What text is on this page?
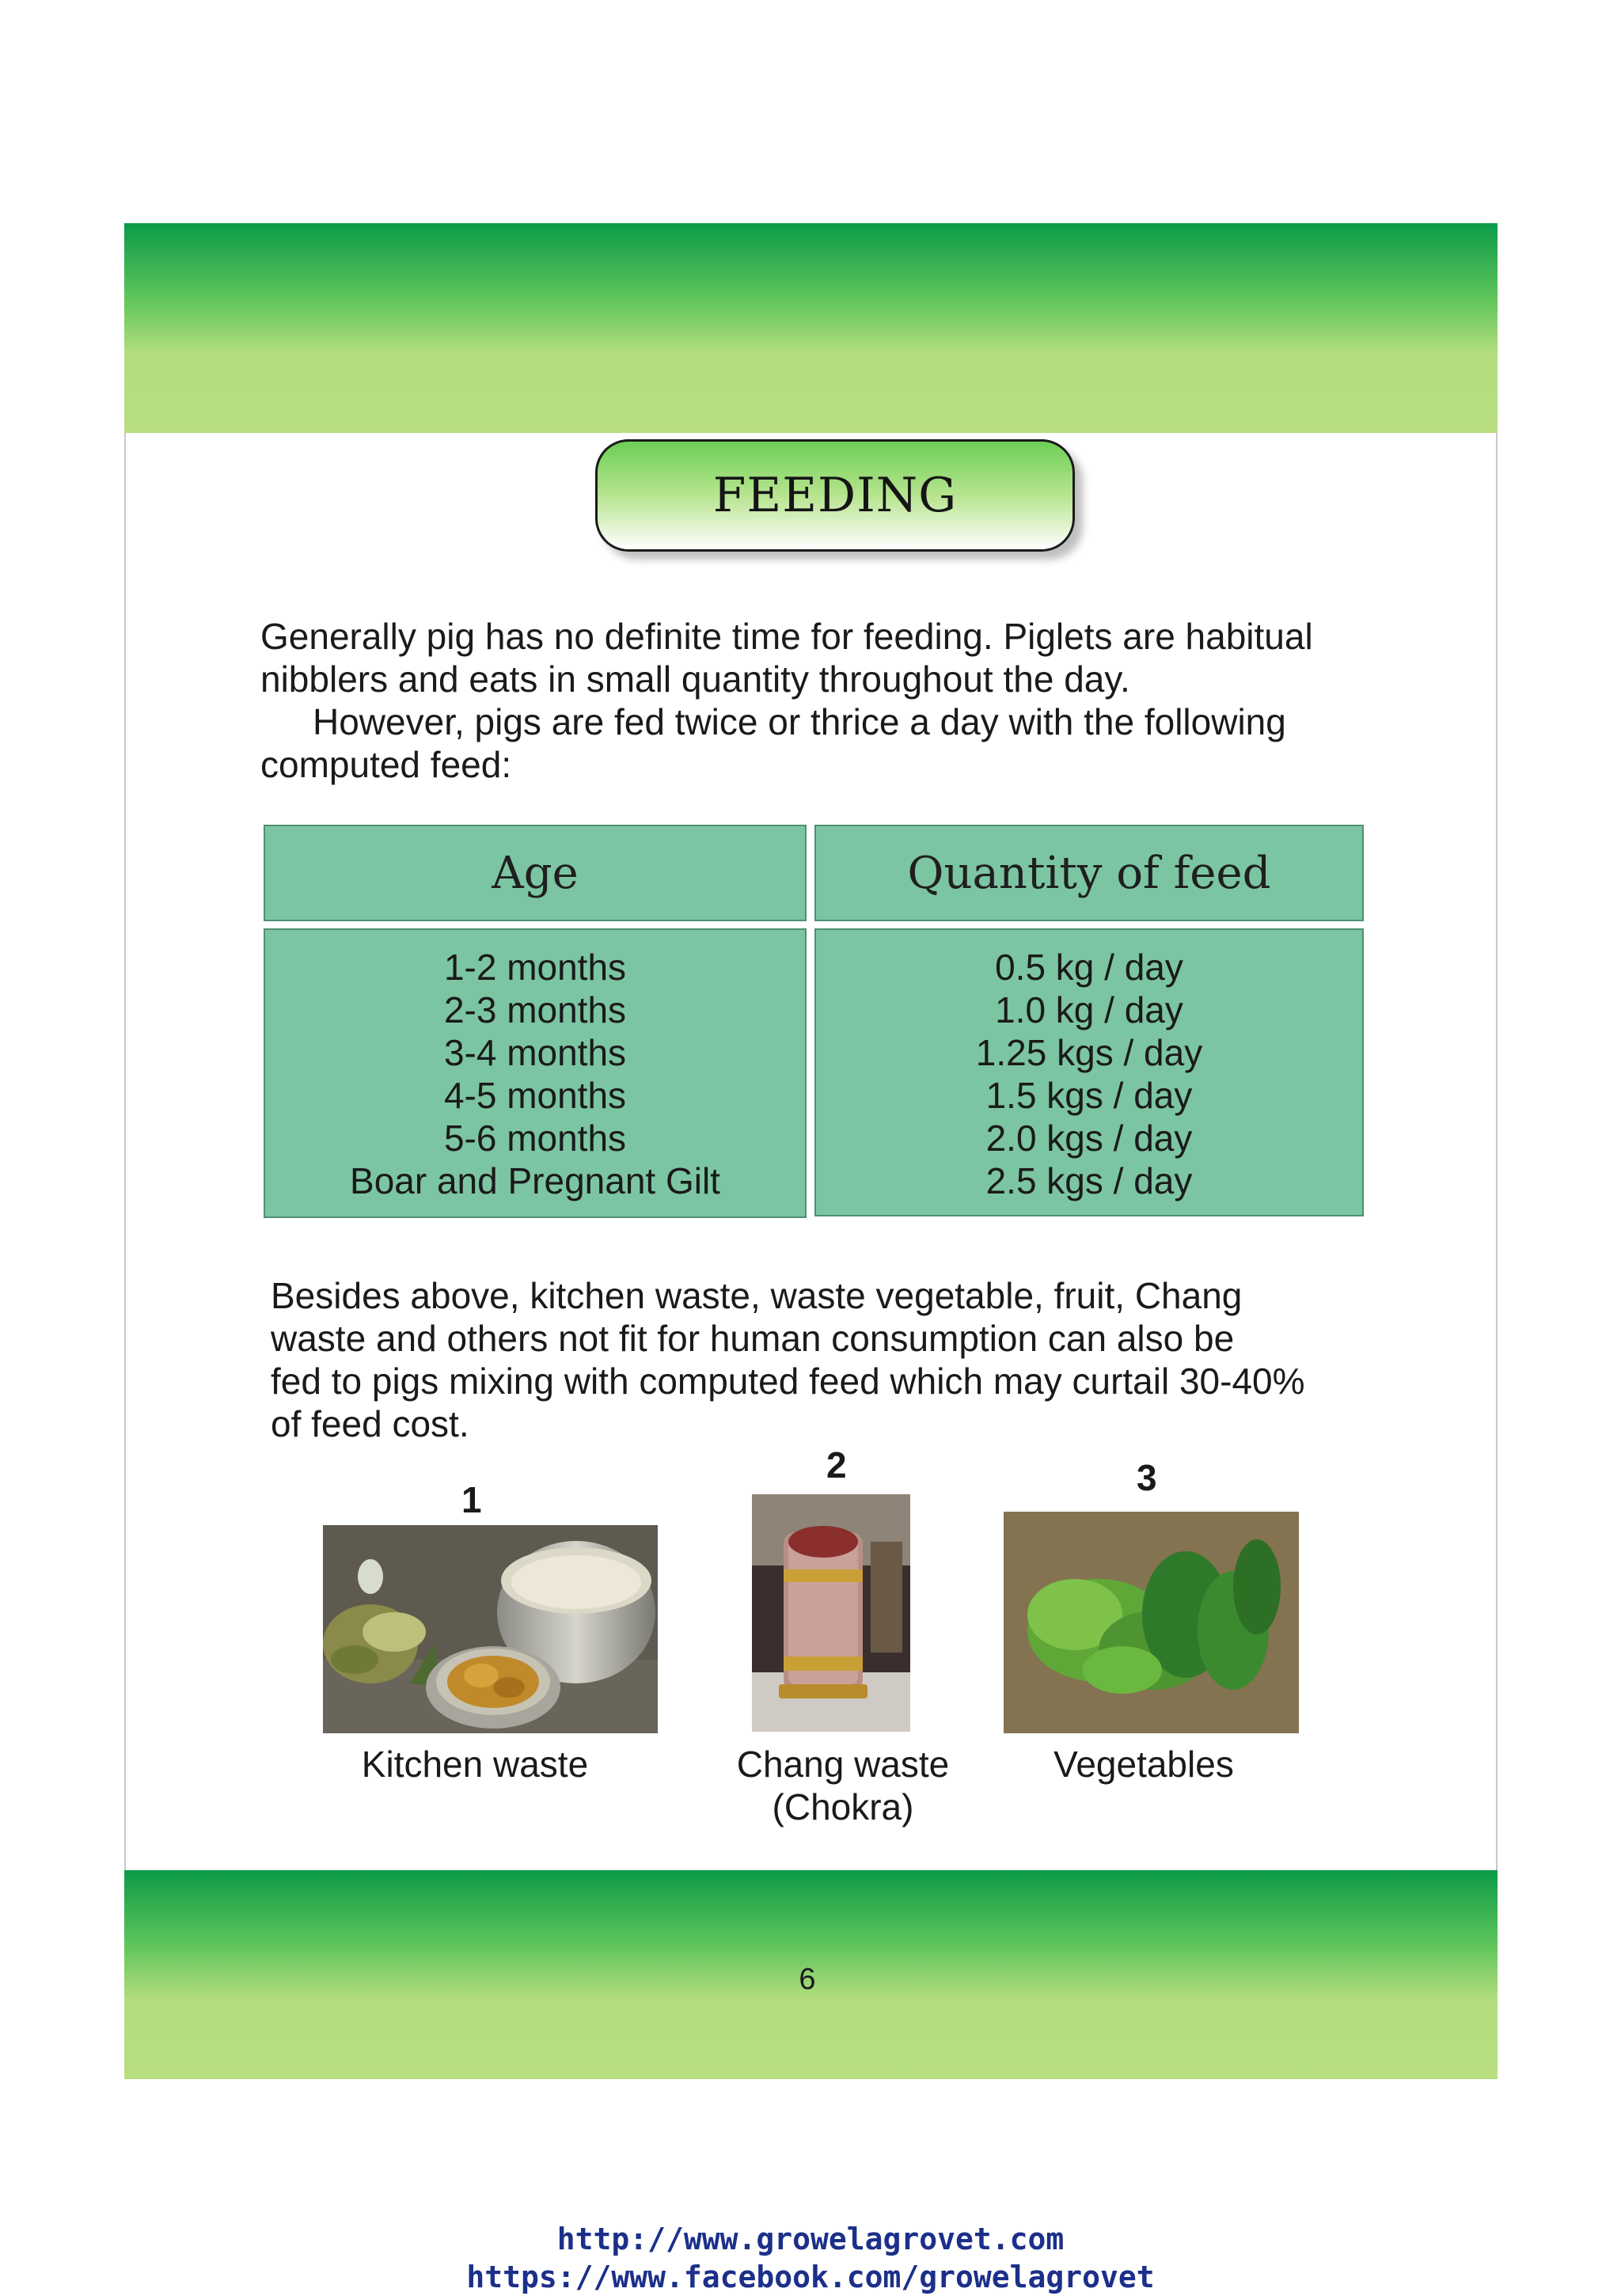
FEEDING

Generally pig has no definite time for feeding. Piglets are habitual

nibblers and eats in small quantity throughout the day.

However, pigs are fed twice or thrice a day with the following

computed feed:

Age	Quantity of feed
1-2 months
2-3 months
3-4 months
4-5 months
5-6 months
Boar and Pregnant Gilt
0.5 kg / day
1.0 kg / day
1.25 kgs / day
1.5 kgs / day
2.0 kgs / day
2.5 kgs / day

Besides above, kitchen waste, waste vegetable, fruit, Chang

waste and others not fit for human consumption can also be

fed to pigs mixing with computed feed which may curtail 30-40%

of feed cost.

1
Kitchen waste
2
Chang waste
(Chokra)
3
Vegetables
6
http://www.growelagrovet.com
https://www.facebook.com/growelagrovet
